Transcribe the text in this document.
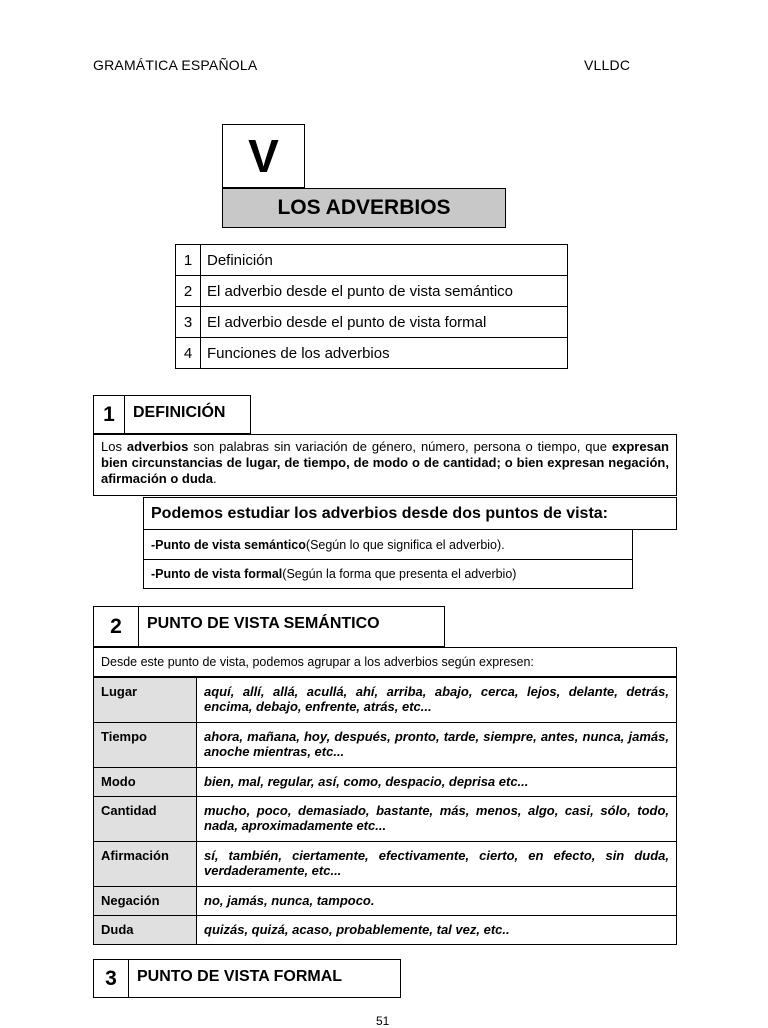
GRAMÁTICA ESPAÑOLA	VLLDC
V
LOS ADVERBIOS
1	Definición
2	El adverbio desde el punto de vista semántico
3	El adverbio desde el punto de vista formal
4	Funciones de los adverbios
1	DEFINICIÓN
Los adverbios son palabras sin variación de género, número, persona o tiempo, que expresan bien circunstancias de lugar, de tiempo, de modo o de cantidad; o bien expresan negación, afirmación o duda.
Podemos estudiar los adverbios desde dos puntos de vista:
-Punto de vista semántico (Según lo que significa el adverbio).
-Punto de vista formal (Según la forma que presenta el adverbio)
2	PUNTO DE VISTA SEMÁNTICO
Desde este punto de vista, podemos agrupar a los adverbios según expresen:
Lugar	aquí, allí, allá, acullá, ahí, arriba, abajo, cerca, lejos, delante, detrás, encima, debajo, enfrente, atrás, etc...
Tiempo	ahora, mañana, hoy, después, pronto, tarde, siempre, antes, nunca, jamás, anoche mientras, etc...
Modo	bien, mal, regular, así, como, despacio, deprisa etc...
Cantidad	mucho, poco, demasiado, bastante, más, menos, algo, casi, sólo, todo, nada, aproximadamente etc...
Afirmación	sí, también, ciertamente, efectivamente, cierto, en efecto, sin duda, verdaderamente, etc...
Negación	no, jamás, nunca, tampoco.
Duda	quizás, quizá, acaso, probablemente, tal vez, etc..
3	PUNTO DE VISTA FORMAL
51
